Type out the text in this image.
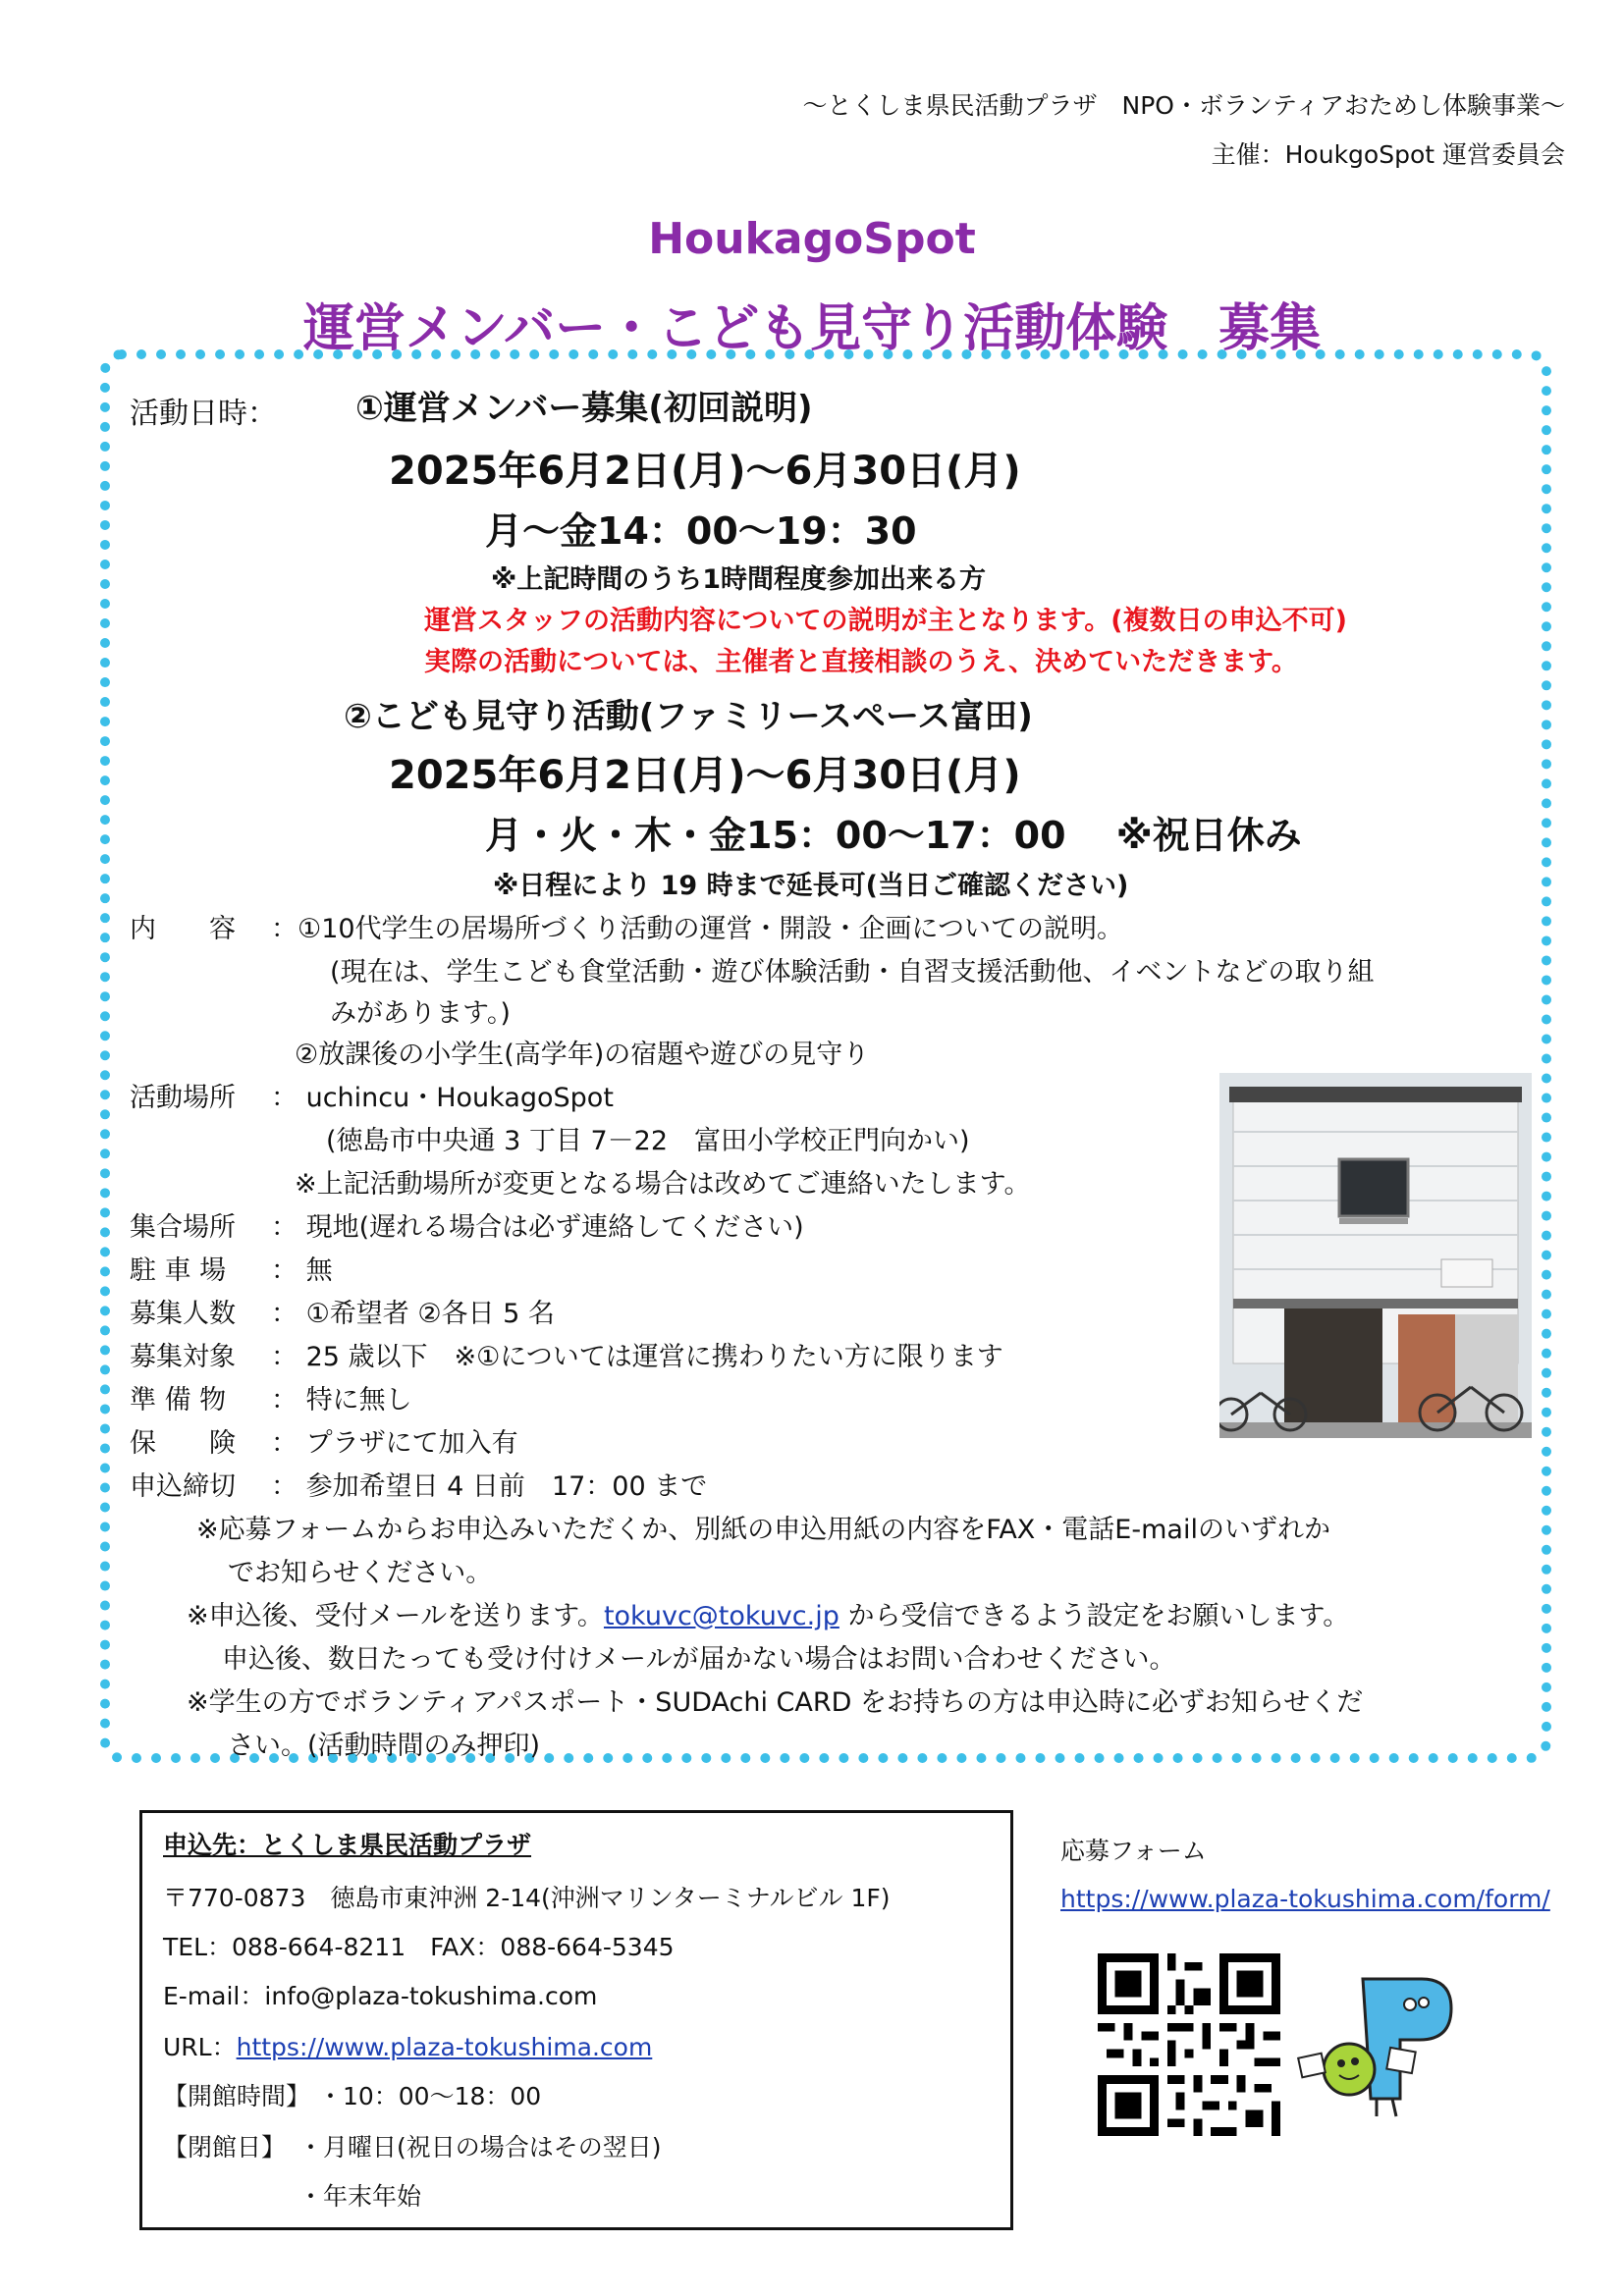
～とくしま県民活動プラザ　NPO・ボランティアおためし体験事業～
主催：HoukgoSpot 運営委員会
HoukagoSpot
運営メンバー・こども見守り活動体験　募集
活動日時： ①運営メンバー募集(初回説明)
2025年6月2日(月)～6月30日(月)
月～金14：00～19：30
※上記時間のうち1時間程度参加出来る方
運営スタッフの活動内容についての説明が主となります。(複数日の申込不可)
実際の活動については、主催者と直接相談のうえ、決めていただきます。
②こども見守り活動(ファミリースペース富田)
2025年6月2日(月)～6月30日(月)
月・火・木・金15：00～17：00　 ※祝日休み
※日程により 19 時まで延長可(当日ご確認ください)
内　　容 ：①10代学生の居場所づくり活動の運営・開設・企画についての説明。
(現在は、学生こども食堂活動・遊び体験活動・自習支援活動他、イベントなどの取り組
みがあります。)
②放課後の小学生(高学年)の宿題や遊びの見守り
活動場所 ： uchincu・HoukagoSpot
(徳島市中央通 3 丁目 7－22　富田小学校正門向かい)
※上記活動場所が変更となる場合は改めてご連絡いたします。
集合場所 ： 現地(遅れる場合は必ず連絡してください)
駐 車 場 ： 無
募集人数 ： ①希望者 ②各日 5 名
募集対象 ： 25 歳以下　※①については運営に携わりたい方に限ります
準 備 物 ： 特に無し
保　　険 ： プラザにて加入有
申込締切 ： 参加希望日 4 日前　17：00 まで
※応募フォームからお申込みいただくか、別紙の申込用紙の内容をFAX・電話E-mailのいずれか
でお知らせください。
※申込後、受付メールを送ります。tokuvc@tokuvc.jp から受信できるよう設定をお願いします。
申込後、数日たっても受け付けメールが届かない場合はお問い合わせください。
※学生の方でボランティアパスポート・SUDAchi CARD をお持ちの方は申込時に必ずお知らせくだ
さい。(活動時間のみ押印)
申込先：とくしま県民活動プラザ
〒770-0873　徳島市東沖洲 2-14(沖洲マリンターミナルビル 1F)
TEL：088-664-8211　FAX：088-664-5345
E-mail：info@plaza-tokushima.com
URL：https://www.plaza-tokushima.com
【開館時間】 ・10：00～18：00
【閉館日】 ・月曜日(祝日の場合はその翌日)
・年末年始
応募フォーム
https://www.plaza-tokushima.com/form/
